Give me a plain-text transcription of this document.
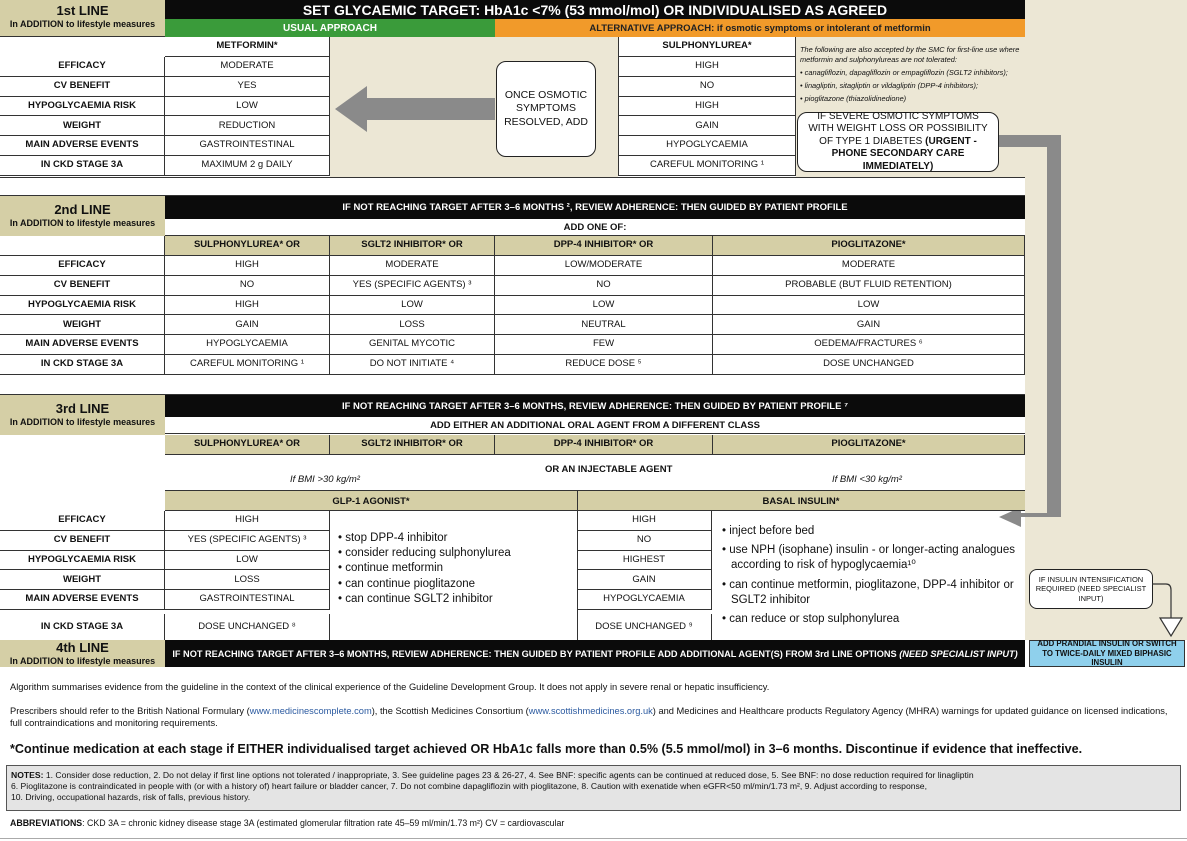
1st LINE
In ADDITION to lifestyle measures
SET GLYCAEMIC TARGET: HbA1c <7% (53 mmol/mol) OR INDIVIDUALISED AS AGREED
USUAL APPROACH	ALTERNATIVE APPROACH: if osmotic symptoms or intolerant of metformin
METFORMIN*	SULPHONYLUREA*
EFFICACY	MODERATE	HIGH
CV BENEFIT	YES	NO
HYPOGLYCAEMIA RISK	LOW	HIGH
WEIGHT	REDUCTION	GAIN
MAIN ADVERSE EVENTS	GASTROINTESTINAL	HYPOGLYCAEMIA
IN CKD STAGE 3A	MAXIMUM 2 g DAILY	CAREFUL MONITORING ¹
ONCE OSMOTIC SYMPTOMS RESOLVED, ADD
The following are also accepted by the SMC for first-line use where metformin and sulphonylureas are not tolerated:
• canagliflozin, dapagliflozin or empagliflozin (SGLT2 inhibitors);
• linagliptin, sitagliptin or vildagliptin (DPP-4 inhibitors);
• pioglitazone (thiazolidinedione)
IF SEVERE OSMOTIC SYMPTOMS WITH WEIGHT LOSS OR POSSIBILITY OF TYPE 1 DIABETES (URGENT - PHONE SECONDARY CARE IMMEDIATELY)
2nd LINE
In ADDITION to lifestyle measures
IF NOT REACHING TARGET AFTER 3–6 MONTHS ², REVIEW ADHERENCE: THEN GUIDED BY PATIENT PROFILE
ADD ONE OF:
SULPHONYLUREA* OR	SGLT2 INHIBITOR* OR	DPP-4 INHIBITOR* OR	PIOGLITAZONE*
EFFICACY	HIGH	MODERATE	LOW/MODERATE	MODERATE
CV BENEFIT	NO	YES (SPECIFIC AGENTS) ³	NO	PROBABLE (BUT FLUID RETENTION)
HYPOGLYCAEMIA RISK	HIGH	LOW	LOW	LOW
WEIGHT	GAIN	LOSS	NEUTRAL	GAIN
MAIN ADVERSE EVENTS	HYPOGLYCAEMIA	GENITAL MYCOTIC	FEW	OEDEMA/FRACTURES ⁶
IN CKD STAGE 3A	CAREFUL MONITORING ¹	DO NOT INITIATE ⁴	REDUCE DOSE ⁵	DOSE UNCHANGED
3rd LINE
In ADDITION to lifestyle measures
IF NOT REACHING TARGET AFTER 3–6 MONTHS, REVIEW ADHERENCE: THEN GUIDED BY PATIENT PROFILE ⁷
ADD EITHER AN ADDITIONAL ORAL AGENT FROM A DIFFERENT CLASS
SULPHONYLUREA* OR	SGLT2 INHIBITOR* OR	DPP-4 INHIBITOR* OR	PIOGLITAZONE*
If BMI >30 kg/m²
OR AN INJECTABLE AGENT
If BMI <30 kg/m²
GLP-1 AGONIST*	BASAL INSULIN*
EFFICACY	HIGH	HIGH
CV BENEFIT	YES (SPECIFIC AGENTS) ³	NO
HYPOGLYCAEMIA RISK	LOW	HIGHEST
WEIGHT	LOSS	GAIN
MAIN ADVERSE EVENTS	GASTROINTESTINAL	HYPOGLYCAEMIA
IN CKD STAGE 3A	DOSE UNCHANGED ⁸	DOSE UNCHANGED ⁹
• stop DPP-4 inhibitor
• consider reducing sulphonylurea
• continue metformin
• can continue pioglitazone
• can continue SGLT2 inhibitor
• inject before bed
• use NPH (isophane) insulin - or longer-acting analogues according to risk of hypoglycaemia¹⁰
• can continue metformin, pioglitazone, DPP-4 inhibitor or SGLT2 inhibitor
• can reduce or stop sulphonylurea
IF INSULIN INTENSIFICATION REQUIRED (NEED SPECIALIST INPUT)
4th LINE
In ADDITION to lifestyle measures
IF NOT REACHING TARGET AFTER 3–6 MONTHS, REVIEW ADHERENCE: THEN GUIDED BY PATIENT PROFILE ADD ADDITIONAL AGENT(S) FROM 3rd LINE OPTIONS (NEED SPECIALIST INPUT)
ADD PRANDIAL INSULIN OR SWITCH TO TWICE-DAILY MIXED BIPHASIC INSULIN
Algorithm summarises evidence from the guideline in the context of the clinical experience of the Guideline Development Group. It does not apply in severe renal or hepatic insufficiency.
Prescribers should refer to the British National Formulary (www.medicinescomplete.com), the Scottish Medicines Consortium (www.scottishmedicines.org.uk) and Medicines and Healthcare products Regulatory Agency (MHRA) warnings for updated guidance on licensed indications, full contraindications and monitoring requirements.
*Continue medication at each stage if EITHER individualised target achieved OR HbA1c falls more than 0.5% (5.5 mmol/mol) in 3–6 months. Discontinue if evidence that ineffective.
NOTES: 1. Consider dose reduction, 2. Do not delay if first line options not tolerated / inappropriate, 3. See guideline pages 23 & 26-27, 4. See BNF: specific agents can be continued at reduced dose, 5. See BNF: no dose reduction required for linagliptin
6. Pioglitazone is contraindicated in people with (or with a history of) heart failure or bladder cancer, 7. Do not combine dapagliflozin with pioglitazone, 8. Caution with exenatide when eGFR<50 ml/min/1.73 m², 9. Adjust according to response,
10. Driving, occupational hazards, risk of falls, previous history.
ABBREVIATIONS: CKD 3A = chronic kidney disease stage 3A (estimated glomerular filtration rate 45–59 ml/min/1.73 m²) CV = cardiovascular
